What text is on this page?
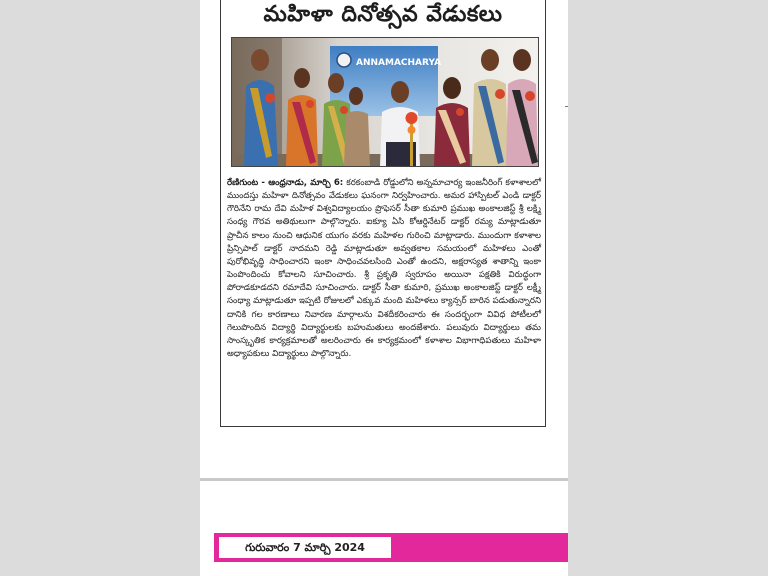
మహిళా దినోత్సవ వేడుకలు
ANNAMACHARYA
రేణిగుంట - ఆంధ్రనాడు, మార్చి 6: కరకంబాడి రోడ్డులోని అన్నమాచార్య ఇంజనీరింగ్ కళాశాలలో ముందస్తు మహిళా దినోత్సవం వేడుకలు ఘనంగా నిర్వహించారు. అమర హాస్పిటల్ ఎండి డాక్టర్ గౌరినేని రామ దేవి మహిళ విశ్వవిద్యాలయం ప్రొఫెసర్ సీతా కుమారి ప్రముఖ అంకాలజిస్ట్ శ్రీ లక్ష్మి సంధ్య గౌరవ అతిథులుగా పాల్గొన్నారు. ఐక్యూ ఏసి కోఆర్డినేటర్ డాక్టర్ రమ్య మాట్లాడుతూ ప్రాచీన కాలం నుంచి ఆధునిక యుగం వరకు మహిళల గురించి మాట్లాడారు. ముందుగా కళాశాల ప్రిన్సిపాల్ డాక్టర్ నాదమని రెడ్డి మాట్లాడుతూ అవ్వతకాల సమయంలో మహిళలు ఎంతో పురోభివృద్ధి సాధించారని ఇంకా సాధించవలసింది ఎంతో ఉందని, అక్షరాస్యత శాతాన్ని ఇంకా పెంపొందించు కోవాలని సూచించారు. శ్రీ ప్రకృతి స్వరూపం అయినా పక్షతికి విరుద్ధంగా పోరాడకూడదని రమాదేవి సూచించారు. డాక్టర్ సీతా కుమారి, ప్రముఖ అంకాలజిస్ట్ డాక్టర్ లక్ష్మీ సంధ్యా మాట్లాడుతూ ఇప్పటి రోజులలో ఎక్కువ మంది మహిళలు క్యాన్సర్ బారిన పడుతున్నారని దానికి గల కారణాలు నివారణ మార్గాలను విశదీకరించారు ఈ సందర్భంగా వివిధ పోటీలలో గెలుపొందిన విద్యార్థి విద్యార్థులకు బహుమతులు అందజేశారు. పలువురు విద్యార్థులు తమ సాంస్కృతిక కార్యక్రమాలతో అలరించారు ఈ కార్యక్రమంలో కళాశాల విభాగాధిపతులు మహిళా అధ్యాపకులు విద్యార్థులు పాల్గొన్నారు.
గురువారం 7 మార్చి 2024
